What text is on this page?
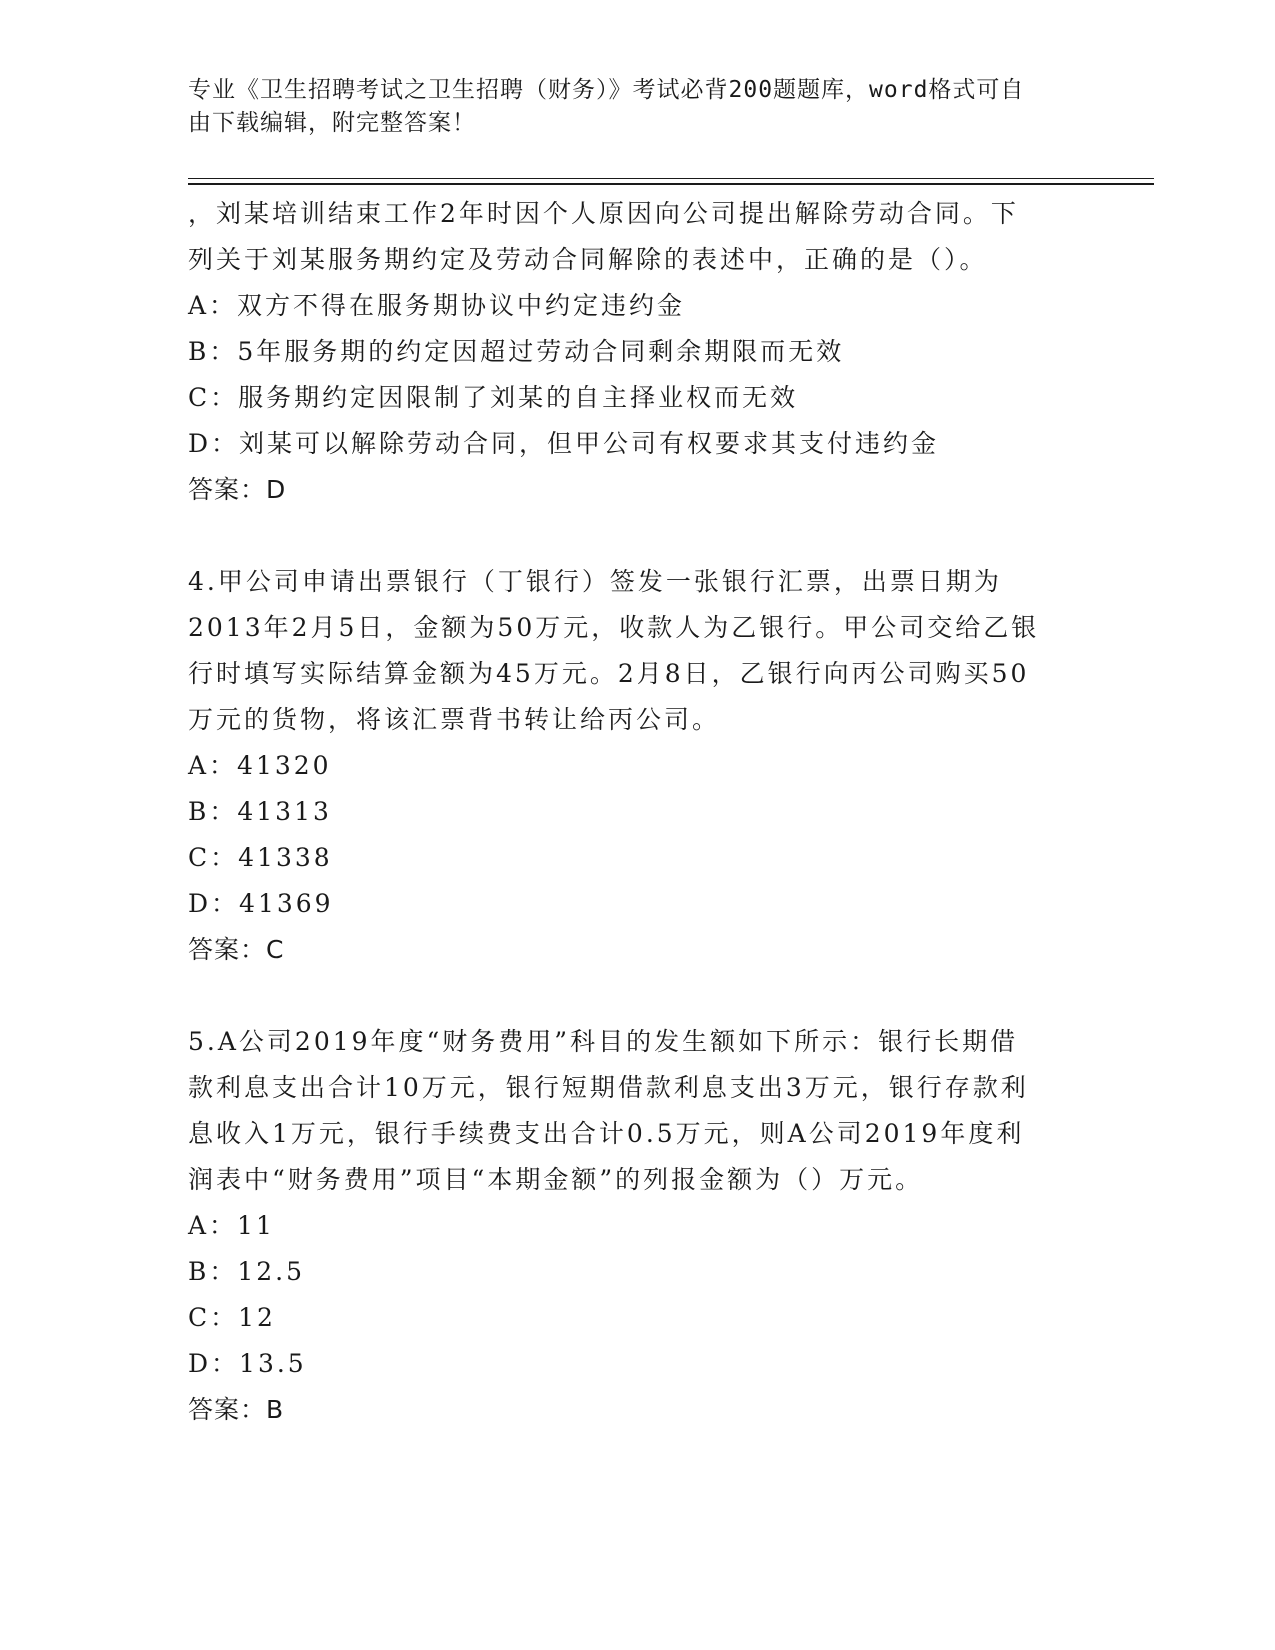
专业《卫生招聘考试之卫生招聘（财务）》考试必背200题题库，word格式可自
由下载编辑，附完整答案！
，刘某培训结束工作2年时因个人原因向公司提出解除劳动合同。下
列关于刘某服务期约定及劳动合同解除的表述中，正确的是（）。
A：双方不得在服务期协议中约定违约金
B：5年服务期的约定因超过劳动合同剩余期限而无效
C：服务期约定因限制了刘某的自主择业权而无效
D：刘某可以解除劳动合同，但甲公司有权要求其支付违约金
答案：D
4.甲公司申请出票银行（丁银行）签发一张银行汇票，出票日期为
2013年2月5日，金额为50万元，收款人为乙银行。甲公司交给乙银
行时填写实际结算金额为45万元。2月8日，乙银行向丙公司购买50
万元的货物，将该汇票背书转让给丙公司。
A：41320
B：41313
C：41338
D：41369
答案：C
5.A公司2019年度“财务费用”科目的发生额如下所示：银行长期借
款利息支出合计10万元，银行短期借款利息支出3万元，银行存款利
息收入1万元，银行手续费支出合计0.5万元，则A公司2019年度利
润表中“财务费用”项目“本期金额”的列报金额为（）万元。
A：11
B：12.5
C：12
D：13.5
答案：B
